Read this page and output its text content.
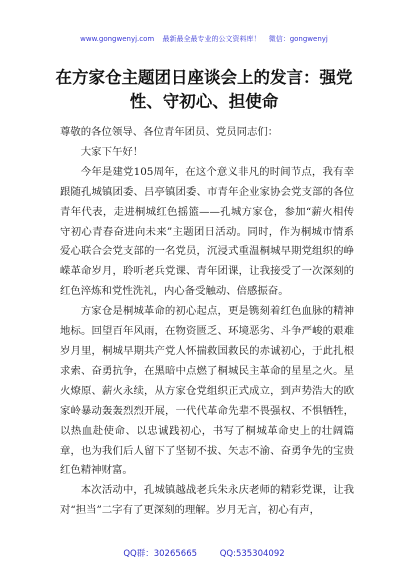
www.gongwenyj.com 最新最全最专业的公文资料库！ 微信：gongwenyj
在方家仓主题团日座谈会上的发言：强党性、守初心、担使命

尊敬的各位领导、各位青年团员、党员同志们：

大家下午好！

今年是建党105周年，在这个意义非凡的时间节点，我有幸跟随孔城镇团委、吕亭镇团委、市青年企业家协会党支部的各位青年代表，走进桐城红色摇篮——孔城方家仓，参加“薪火相传守初心青春奋进向未来”主题团日活动。同时，作为桐城市情系爱心联合会党支部的一名党员，沉浸式重温桐城早期党组织的峥嵘革命岁月，聆听老兵党课、青年团课，让我接受了一次深刻的红色淬炼和党性洗礼，内心备受触动、倍感振奋。

方家仓是桐城革命的初心起点，更是镌刻着红色血脉的精神地标。回望百年风雨，在物资匮乏、环境恶劣、斗争严峻的艰难岁月里，桐城早期共产党人怀揣救国救民的赤诚初心，于此扎根求索、奋勇抗争，在黑暗中点燃了桐城民主革命的星星之火。星火燎原、薪火永续，从方家仓党组织正式成立，到声势浩大的欧家岭暴动轰轰烈烈开展，一代代革命先辈不畏强权、不惧牺牲，以热血赴使命、以忠诚践初心，书写了桐城革命史上的壮阔篇章，也为我们后人留下了坚韧不拔、矢志不渝、奋勇争先的宝贵红色精神财富。

本次活动中，孔城镇越战老兵朱永庆老师的精彩党课，让我对“担当”二字有了更深刻的理解。岁月无言，初心有声，

QQ群：30265665	QQ:535304092
